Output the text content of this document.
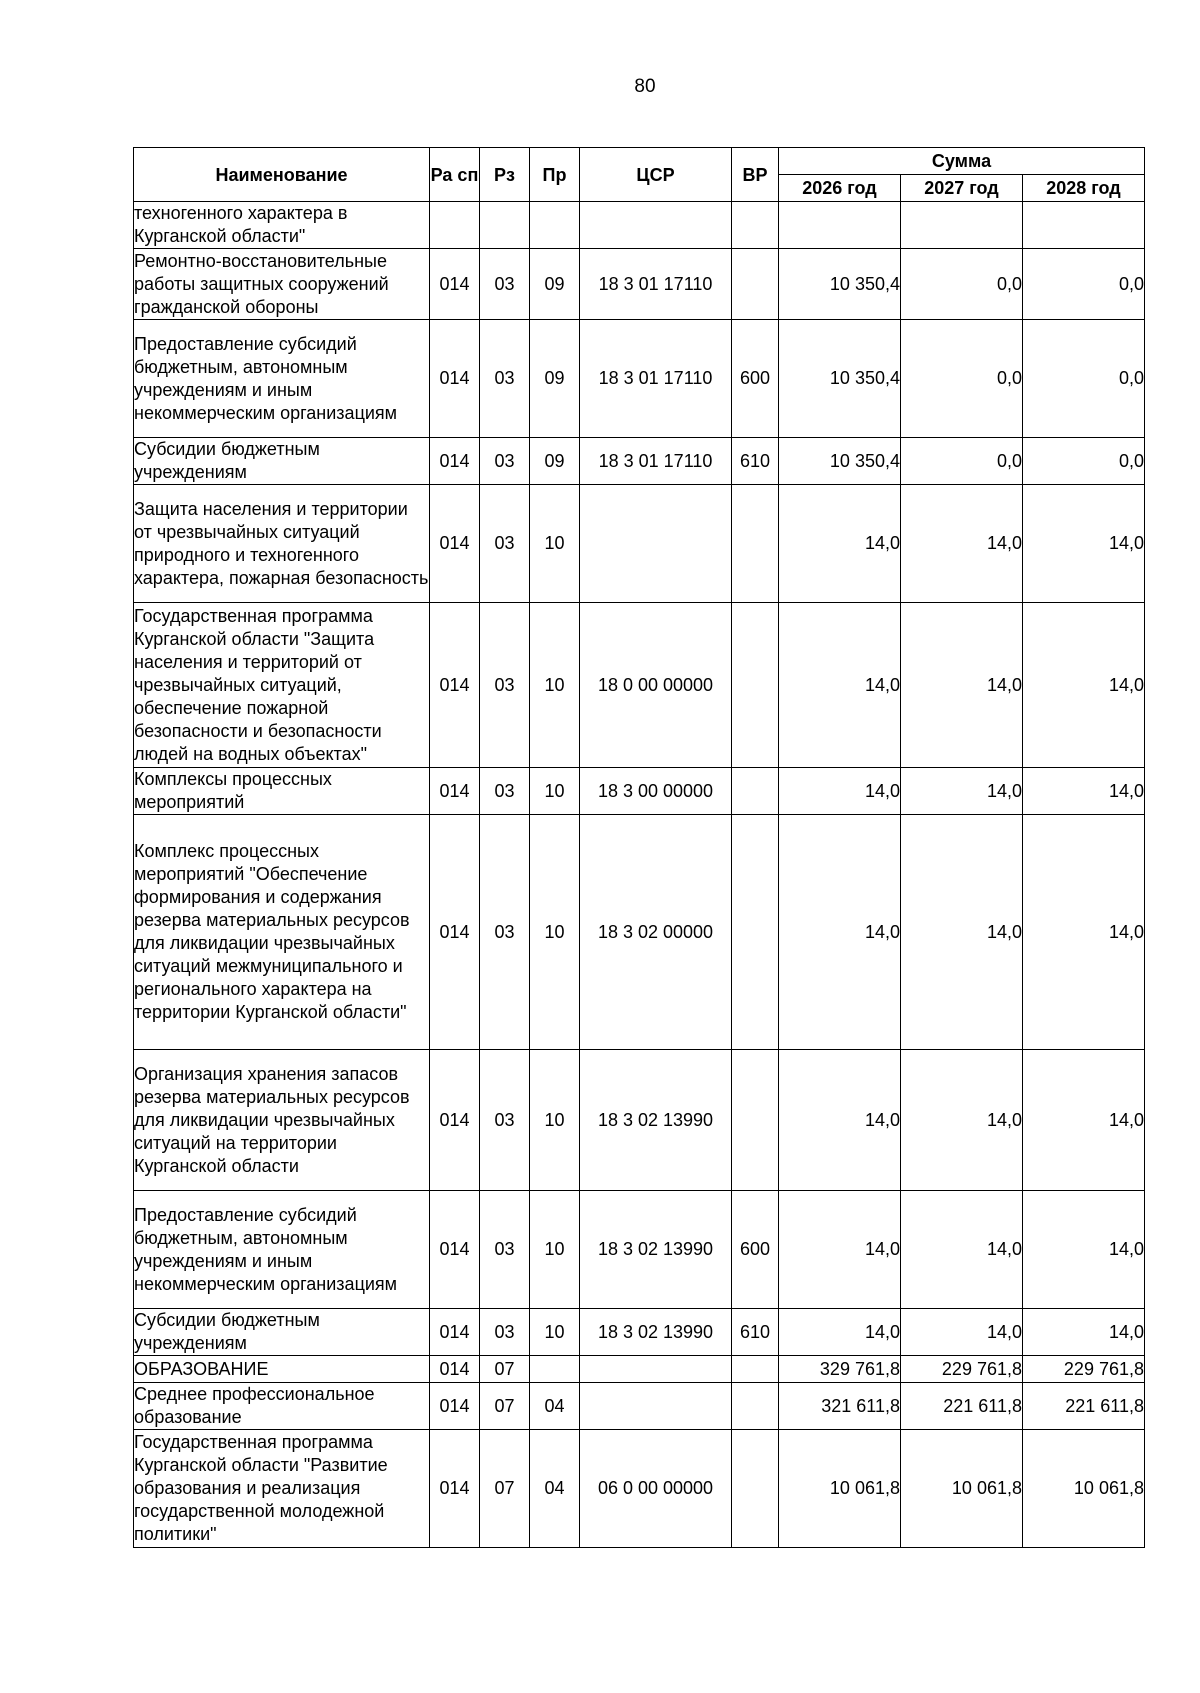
80
Наименование	Ра сп	Рз	Пр	ЦСР	ВР	Сумма		
						2026 год	2027 год	2028 год
техногенного характера в Курганской области"								
Ремонтно-восстановительные работы защитных сооружений гражданской обороны	014	03	09	18 3 01 17110		10 350,4	0,0	0,0
Предоставление субсидий бюджетным, автономным учреждениям и иным некоммерческим организациям	014	03	09	18 3 01 17110	600	10 350,4	0,0	0,0
Субсидии бюджетным учреждениям	014	03	09	18 3 01 17110	610	10 350,4	0,0	0,0
Защита населения и территории от чрезвычайных ситуаций природного и техногенного характера, пожарная безопасность	014	03	10			14,0	14,0	14,0
Государственная программа Курганской области "Защита населения и территорий от чрезвычайных ситуаций, обеспечение пожарной безопасности и безопасности людей на водных объектах"	014	03	10	18 0 00 00000		14,0	14,0	14,0
Комплексы процессных мероприятий	014	03	10	18 3 00 00000		14,0	14,0	14,0
Комплекс процессных мероприятий "Обеспечение формирования и содержания резерва материальных ресурсов для ликвидации чрезвычайных ситуаций межмуниципального и регионального характера на территории Курганской области"	014	03	10	18 3 02 00000		14,0	14,0	14,0
Организация хранения запасов резерва материальных ресурсов для ликвидации чрезвычайных ситуаций на территории Курганской области	014	03	10	18 3 02 13990		14,0	14,0	14,0
Предоставление субсидий бюджетным, автономным учреждениям и иным некоммерческим организациям	014	03	10	18 3 02 13990	600	14,0	14,0	14,0
Субсидии бюджетным учреждениям	014	03	10	18 3 02 13990	610	14,0	14,0	14,0
ОБРАЗОВАНИЕ	014	07				329 761,8	229 761,8	229 761,8
Среднее профессиональное образование	014	07	04			321 611,8	221 611,8	221 611,8
Государственная программа Курганской области "Развитие образования и реализация государственной молодежной политики"	014	07	04	06 0 00 00000		10 061,8	10 061,8	10 061,8
